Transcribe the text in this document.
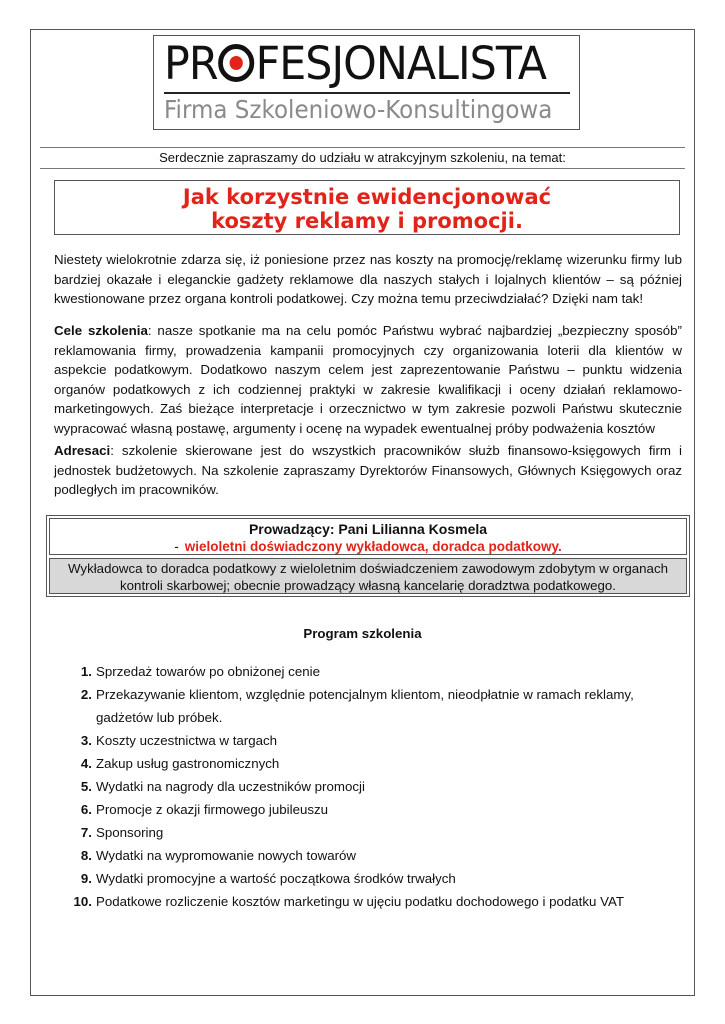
PR FESJONALISTA
Firma Szkoleniowo-Konsultingowa
Serdecznie zapraszamy do udziału w atrakcyjnym szkoleniu, na temat:
Jak korzystnie ewidencjonować
koszty reklamy i promocji.

Niestety wielokrotnie zdarza się, iż poniesione przez nas koszty na promocję/reklamę wizerunku firmy lub bardziej okazałe i eleganckie gadżety reklamowe dla naszych stałych i lojalnych klientów – są później kwestionowane przez organa kontroli podatkowej. Czy można temu przeciwdziałać? Dzięki nam tak!

Cele szkolenia: nasze spotkanie ma na celu pomóc Państwu wybrać najbardziej „bezpieczny sposób” reklamowania firmy, prowadzenia kampanii promocyjnych czy organizowania loterii dla klientów w aspekcie podatkowym. Dodatkowo naszym celem jest zaprezentowanie Państwu – punktu widzenia organów podatkowych z ich codziennej praktyki w zakresie kwalifikacji i oceny działań reklamowo-marketingowych. Zaś bieżące interpretacje i orzecznictwo w tym zakresie pozwoli Państwu skutecznie wypracować własną postawę, argumenty i ocenę na wypadek ewentualnej próby podważenia kosztów

Adresaci: szkolenie skierowane jest do wszystkich pracowników służb finansowo-księgowych firm i jednostek budżetowych. Na szkolenie zapraszamy Dyrektorów Finansowych, Głównych Księgowych oraz podległych im pracowników.

Prowadzący: Pani Lilianna Kosmela
- wieloletni doświadczony wykładowca, doradca podatkowy.
Wykładowca to doradca podatkowy z wieloletnim doświadczeniem zawodowym zdobytym w organach
kontroli skarbowej; obecnie prowadzący własną kancelarię doradztwa podatkowego.
Program szkolenia
1. Sprzedaż towarów po obniżonej cenie
2. Przekazywanie klientom, względnie potencjalnym klientom, nieodpłatnie w ramach reklamy,
gadżetów lub próbek.
3. Koszty uczestnictwa w targach
4. Zakup usług gastronomicznych
5. Wydatki na nagrody dla uczestników promocji
6. Promocje z okazji firmowego jubileuszu
7. Sponsoring
8. Wydatki na wypromowanie nowych towarów
9. Wydatki promocyjne a wartość początkowa środków trwałych
10. Podatkowe rozliczenie kosztów marketingu w ujęciu podatku dochodowego i podatku VAT
